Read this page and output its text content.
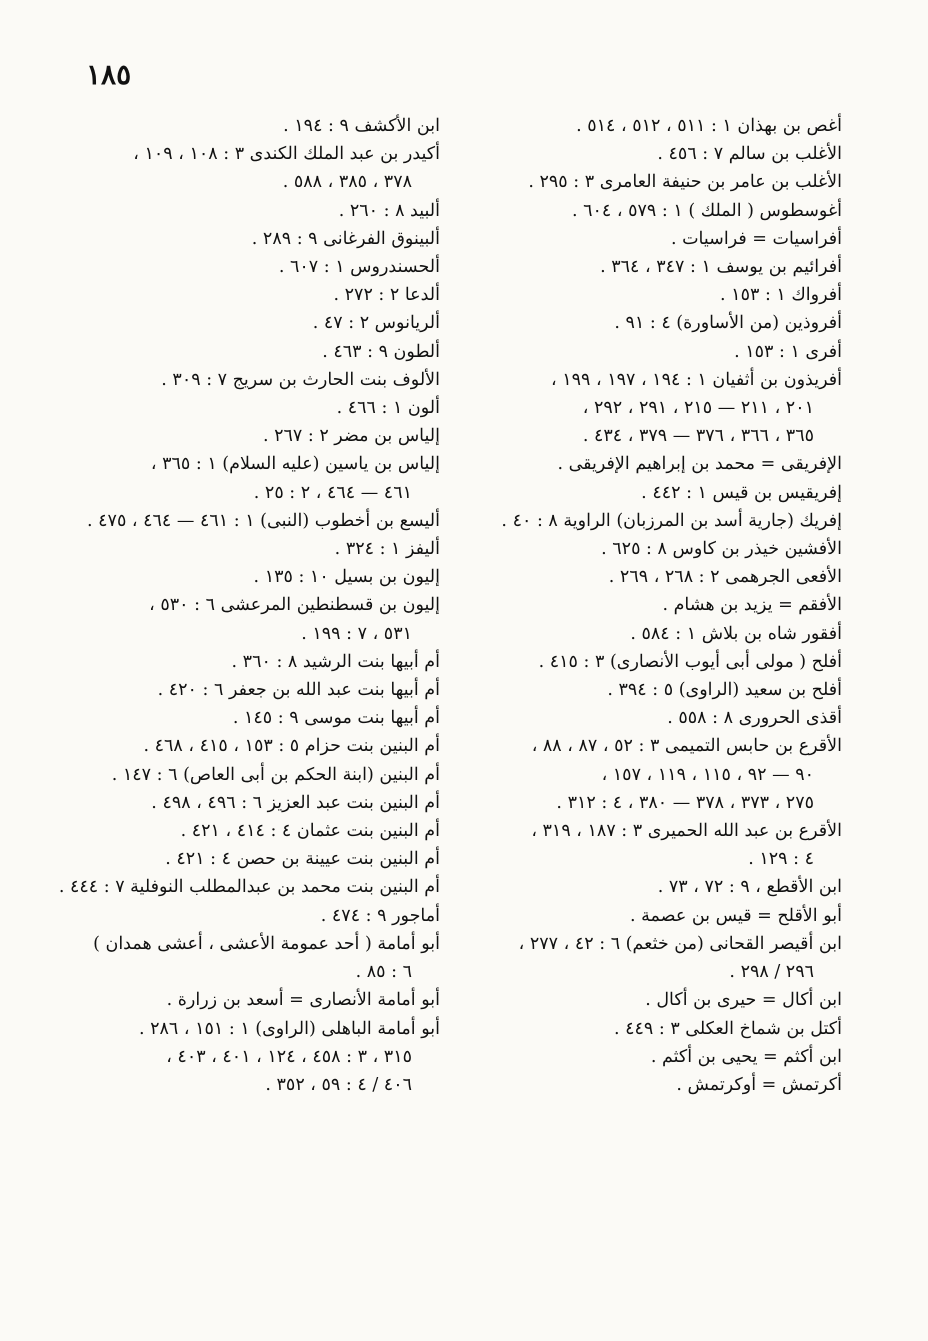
١٨٥
أغص بن بهذان ١ : ٥١١ ، ٥١٢ ، ٥١٤ .
الأغلب بن سالم ٧ : ٤٥٦ .
الأغلب بن عامر بن حنيفة العامرى ٣ : ٢٩٥ .
أغوسطوس ( الملك ) ١ : ٥٧٩ ، ٦٠٤ .
أفراسيات = فراسيات .
أفرائيم بن يوسف ١ : ٣٤٧ ، ٣٦٤ .
أفرواك ١ : ١٥٣ .
أفروذين (من الأساورة) ٤ : ٩١ .
أفرى ١ : ١٥٣ .
أفريذون بن أثفيان ١ : ١٩٤ ، ١٩٧ ، ١٩٩ ،
٢٠١ ، ٢١١ — ٢١٥ ، ٢٩١ ، ٢٩٢ ،
٣٦٥ ، ٣٦٦ ، ٣٧٦ — ٣٧٩ ، ٤٣٤ .
الإفريقى = محمد بن إبراهيم الإفريقى .
إفريقيس بن قيس ١ : ٤٤٢ .
إفريك (جارية أسد بن المرزبان) الراوية ٨ : ٤٠ .
الأفشين خيذر بن كاوس ٨ : ٦٢٥ .
الأفعى الجرهمى ٢ : ٢٦٨ ، ٢٦٩ .
الأفقم = يزيد بن هشام .
أفقور شاه بن بلاش ١ : ٥٨٤ .
أفلح ( مولى أبى أيوب الأنصارى) ٣ : ٤١٥ .
أفلح بن سعيد (الراوى) ٥ : ٣٩٤ .
أقذى الحرورى ٨ : ٥٥٨ .
الأقرع بن حابس التميمى ٣ : ٥٢ ، ٨٧ ، ٨٨ ،
٩٠ — ٩٢ ، ١١٥ ، ١١٩ ، ١٥٧ ،
٢٧٥ ، ٣٧٣ ، ٣٧٨ — ٣٨٠ ، ٤ : ٣١٢ .
الأقرع بن عبد الله الحميرى ٣ : ١٨٧ ، ٣١٩ ،
٤ : ١٢٩ .
ابن الأقطع ، ٩ : ٧٢ ، ٧٣ .
أبو الأقلح = قيس بن عصمة .
ابن أقيصر القحانى (من خثعم) ٦ : ٤٢ ، ٢٧٧ ،
٢٩٦ / ٢٩٨ .
ابن أكال = حيرى بن أكال .
أكتل بن شماخ العكلى ٣ : ٤٤٩ .
ابن أكثم = يحيى بن أكثم .
أكرتمش = أوكرتمش .
ابن الأكشف ٩ : ١٩٤ .
أكيدر بن عبد الملك الكندى ٣ : ١٠٨ ، ١٠٩ ،
٣٧٨ ، ٣٨٥ ، ٥٨٨ .
ألبيد ٨ : ٢٦٠ .
ألبينوق الفرغانى ٩ : ٢٨٩ .
ألحسندروس ١ : ٦٠٧ .
ألدعا ٢ : ٢٧٢ .
ألريانوس ٢ : ٤٧ .
ألطون ٩ : ٤٦٣ .
الألوف بنت الحارث بن سريج ٧ : ٣٠٩ .
ألون ١ : ٤٦٦ .
إلياس بن مضر ٢ : ٢٦٧ .
إلياس بن ياسين (عليه السلام) ١ : ٣٦٥ ،
٤٦١ — ٤٦٤ ، ٢ : ٢٥ .
أليسع بن أخطوب (النبى) ١ : ٤٦١ — ٤٦٤ ، ٤٧٥ .
أليفز ١ : ٣٢٤ .
إليون بن بسيل ١٠ : ١٣٥ .
إليون بن قسطنطين المرعشى ٦ : ٥٣٠ ،
٥٣١ ، ٧ : ١٩٩ .
أم أبيها بنت الرشيد ٨ : ٣٦٠ .
أم أبيها بنت عبد الله بن جعفر ٦ : ٤٢٠ .
أم أبيها بنت موسى ٩ : ١٤٥ .
أم البنين بنت حزام ٥ : ١٥٣ ، ٤١٥ ، ٤٦٨ .
أم البنين (ابنة الحكم بن أبى العاص) ٦ : ١٤٧ .
أم البنين بنت عبد العزيز ٦ : ٤٩٦ ، ٤٩٨ .
أم البنين بنت عثمان ٤ : ٤١٤ ، ٤٢١ .
أم البنين بنت عيينة بن حصن ٤ : ٤٢١ .
أم البنين بنت محمد بن عبدالمطلب النوفلية ٧ : ٤٤٤ .
أماجور ٩ : ٤٧٤ .
أبو أمامة ( أحد عمومة الأعشى ، أعشى همدان )
٦ : ٨٥ .
أبو أمامة الأنصارى = أسعد بن زرارة .
أبو أمامة الباهلى (الراوى) ١ : ١٥١ ، ٢٨٦ .
٣١٥ ، ٣ : ٤٥٨ ، ١٢٤ ، ٤٠١ ، ٤٠٣ ،
٤٠٦ / ٤ : ٥٩ ، ٣٥٢ .
